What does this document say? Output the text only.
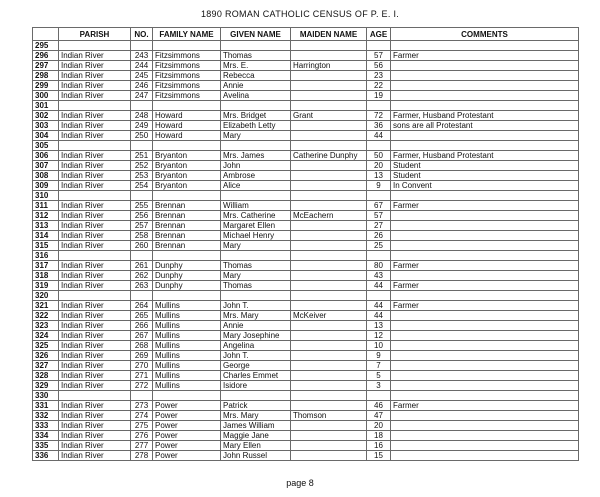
1890 ROMAN CATHOLIC CENSUS OF P. E. I.
	PARISH	NO.	FAMILY NAME	GIVEN NAME	MAIDEN NAME	AGE	COMMENTS
295							
296	Indian River	243	Fitzsimmons	Thomas		57	Farmer
297	Indian River	244	Fitzsimmons	Mrs. E.	Harrington	56	
298	Indian River	245	Fitzsimmons	Rebecca		23	
299	Indian River	246	Fitzsimmons	Annie		22	
300	Indian River	247	Fitzsimmons	Avelina		19	
301							
302	Indian River	248	Howard	Mrs. Bridget	Grant	72	Farmer, Husband Protestant
303	Indian River	249	Howard	Elizabeth Letty		36	sons are all Protestant
304	Indian River	250	Howard	Mary		44	
305							
306	Indian River	251	Bryanton	Mrs. James	Catherine Dunphy	50	Farmer, Husband Protestant
307	Indian River	252	Bryanton	John		20	Student
308	Indian River	253	Bryanton	Ambrose		13	Student
309	Indian River	254	Bryanton	Alice		9	In Convent
310							
311	Indian River	255	Brennan	William		67	Farmer
312	Indian River	256	Brennan	Mrs. Catherine	McEachern	57	
313	Indian River	257	Brennan	Margaret Ellen		27	
314	Indian River	258	Brennan	Michael Henry		26	
315	Indian River	260	Brennan	Mary		25	
316							
317	Indian River	261	Dunphy	Thomas		80	Farmer
318	Indian River	262	Dunphy	Mary		43	
319	Indian River	263	Dunphy	Thomas		44	Farmer
320							
321	Indian River	264	Mullins	John T.		44	Farmer
322	Indian River	265	Mullins	Mrs. Mary	McKeiver	44	
323	Indian River	266	Mullins	Annie		13	
324	Indian River	267	Mullins	Mary Josephine		12	
325	Indian River	268	Mullins	Angelina		10	
326	Indian River	269	Mullins	John T.		9	
327	Indian River	270	Mullins	George		7	
328	Indian River	271	Mullins	Charles Emmet		5	
329	Indian River	272	Mullins	Isidore		3	
330							
331	Indian River	273	Power	Patrick		46	Farmer
332	Indian River	274	Power	Mrs. Mary	Thomson	47	
333	Indian River	275	Power	James William		20	
334	Indian River	276	Power	Maggie Jane		18	
335	Indian River	277	Power	Mary Ellen		16	
336	Indian River	278	Power	John Russel		15	
page 8
